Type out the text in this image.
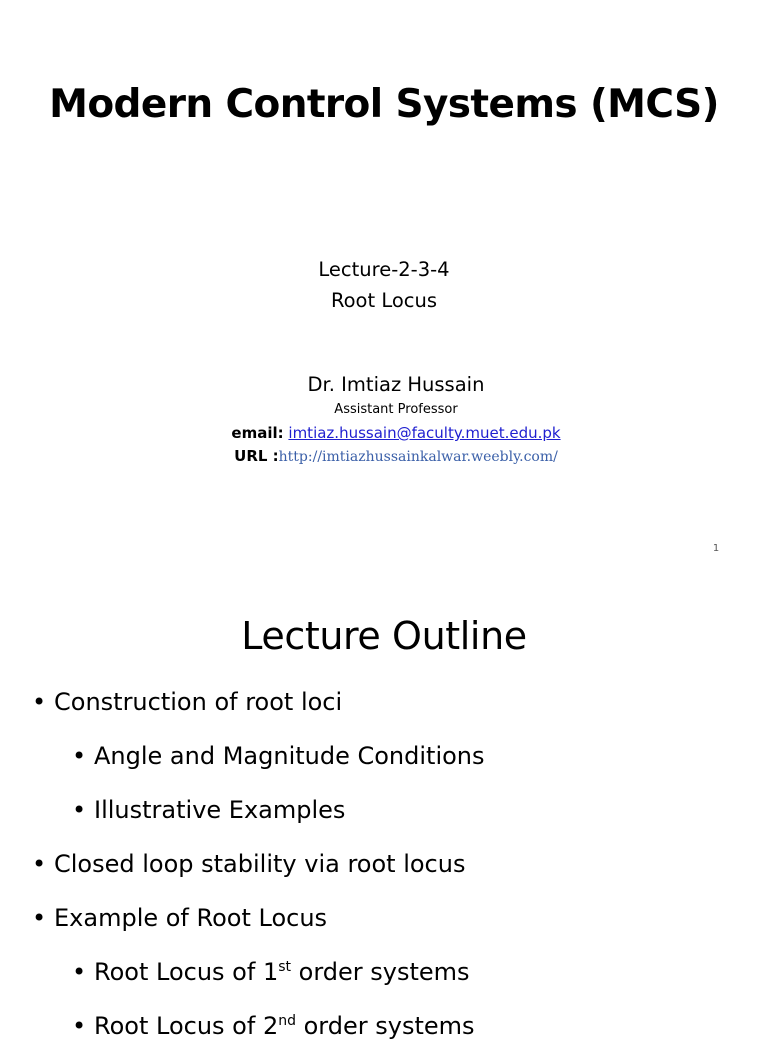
Modern Control Systems (MCS)
Lecture-2-3-4
Root Locus
Dr. Imtiaz Hussain
Assistant Professor
email: imtiaz.hussain@faculty.muet.edu.pk
URL :http://imtiazhussainkalwar.weebly.com/
1
Lecture Outline
• Construction of root loci
• Angle and Magnitude Conditions
• Illustrative Examples
• Closed loop stability via root locus
• Example of Root Locus
• Root Locus of 1st order systems
• Root Locus of 2nd order systems
